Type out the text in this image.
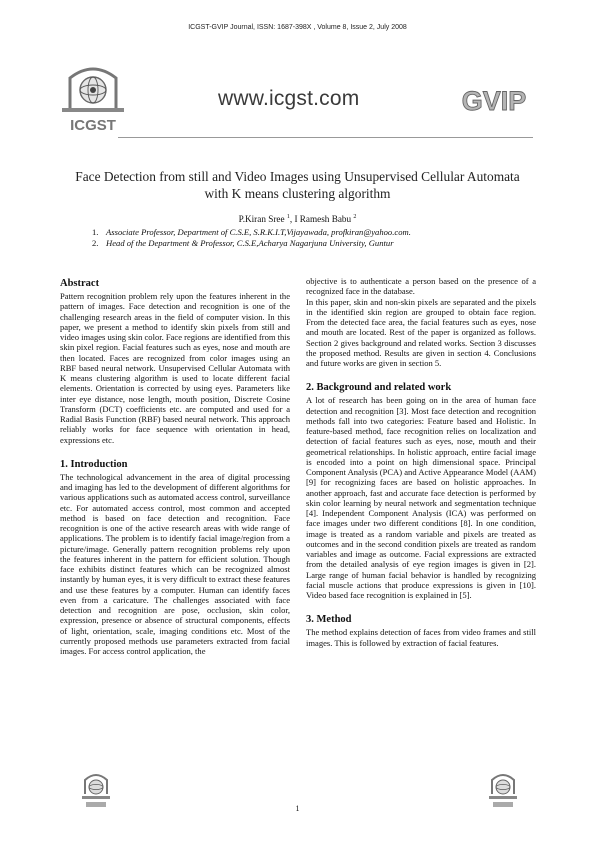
ICGST-GVIP Journal, ISSN: 1687-398X , Volume 8, Issue 2, July 2008
ICGST
www.icgst.com	GVIP
Face Detection from still and Video Images using Unsupervised Cellular Automata with K means clustering algorithm
P.Kiran Sree $^1$, I Ramesh Babu $^2$
1. Associate Professor, Department of C.S.E, S.R.K.I.T,Vijayawada, profkiran@yahoo.com.
2. Head of the Department & Professor, C.S.E,Acharya Nagarjuna University, Guntur
Abstract

Pattern recognition problem rely upon the features inherent in the pattern of images. Face detection and recognition is one of the challenging research areas in the field of computer vision. In this paper, we present a method to identify skin pixels from still and video images using skin color. Face regions are identified from this skin pixel region. Facial features such as eyes, nose and mouth are then located. Faces are recognized from color images using an RBF based neural network. Unsupervised Cellular Automata with K means clustering algorithm is used to locate different facial elements. Orientation is corrected by using eyes. Parameters like inter eye distance, nose length, mouth position, Discrete Cosine Transform (DCT) coefficients etc. are computed and used for a Radial Basis Function (RBF) based neural network. This approach reliably works for face sequence with orientation in head, expressions etc.

1. Introduction

The technological advancement in the area of digital processing and imaging has led to the development of different algorithms for various applications such as automated access control, surveillance etc. For automated access control, most common and accepted method is based on face detection and recognition. Face recognition is one of the active research areas with wide range of applications. The problem is to identify facial image/region from a picture/image. Generally pattern recognition problems rely upon the features inherent in the pattern for efficient solution. Though face exhibits distinct features which can be recognized almost instantly by human eyes, it is very difficult to extract these features and use these features by a computer. Human can identify faces even from a caricature. The challenges associated with face detection and recognition are pose, occlusion, skin color, expression, presence or absence of structural components, effects of light, orientation, scale, imaging conditions etc. Most of the currently proposed methods use parameters extracted from facial images. For access control application, the

objective is to authenticate a person based on the presence of a recognized face in the database.

In this paper, skin and non-skin pixels are separated and the pixels in the identified skin region are grouped to obtain face region. From the detected face area, the facial features such as eyes, nose and mouth are located. Rest of the paper is organized as follows. Section 2 gives background and related works. Section 3 discusses the proposed method. Results are given in section 4. Conclusions and future works are given in section 5.

2. Background and related work

A lot of research has been going on in the area of human face detection and recognition [3]. Most face detection and recognition methods fall into two categories: Feature based and Holistic. In feature-based method, face recognition relies on localization and detection of facial features such as eyes, nose, mouth and their geometrical relationships. In holistic approach, entire facial image is encoded into a point on high dimensional space. Principal Component Analysis (PCA) and Active Appearance Model (AAM) [9] for recognizing faces are based on holistic approaches. In another approach, fast and accurate face detection is performed by skin color learning by neural network and segmentation technique [4]. Independent Component Analysis (ICA) was performed on face images under two different conditions [8]. In one condition, image is treated as a random variable and pixels are treated as outcomes and in the second condition pixels are treated as random variables and image as outcome. Facial expressions are extracted from the detailed analysis of eye region images is given in [2]. Large range of human facial behavior is handled by recognizing facial muscle actions that produce expressions is given in [10]. Video based face recognition is explained in [5].

3. Method

The method explains detection of faces from video frames and still images. This is followed by extraction of facial features.

1
